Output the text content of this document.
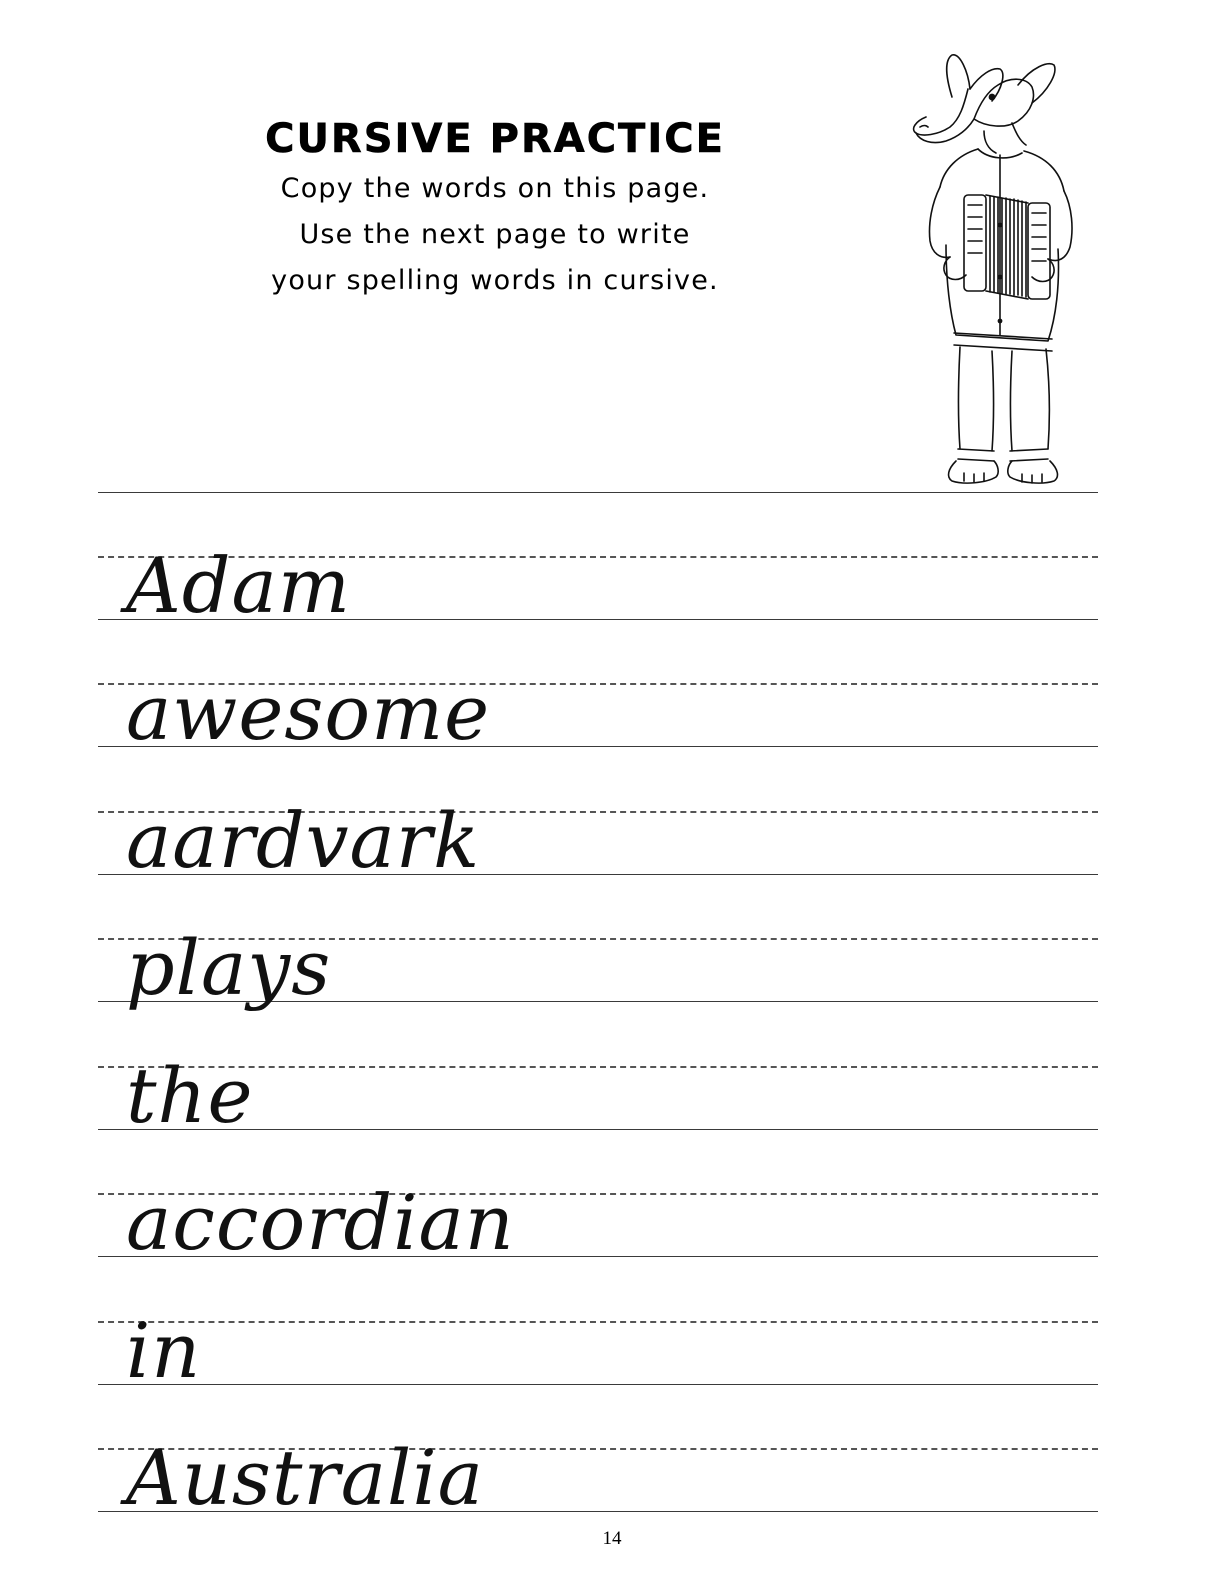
CURSIVE PRACTICE

Copy the words on this page.

Use the next page to write

your spelling words in cursive.

Adam
awesome
aardvark
plays
the
accordian
in
Australia
14
